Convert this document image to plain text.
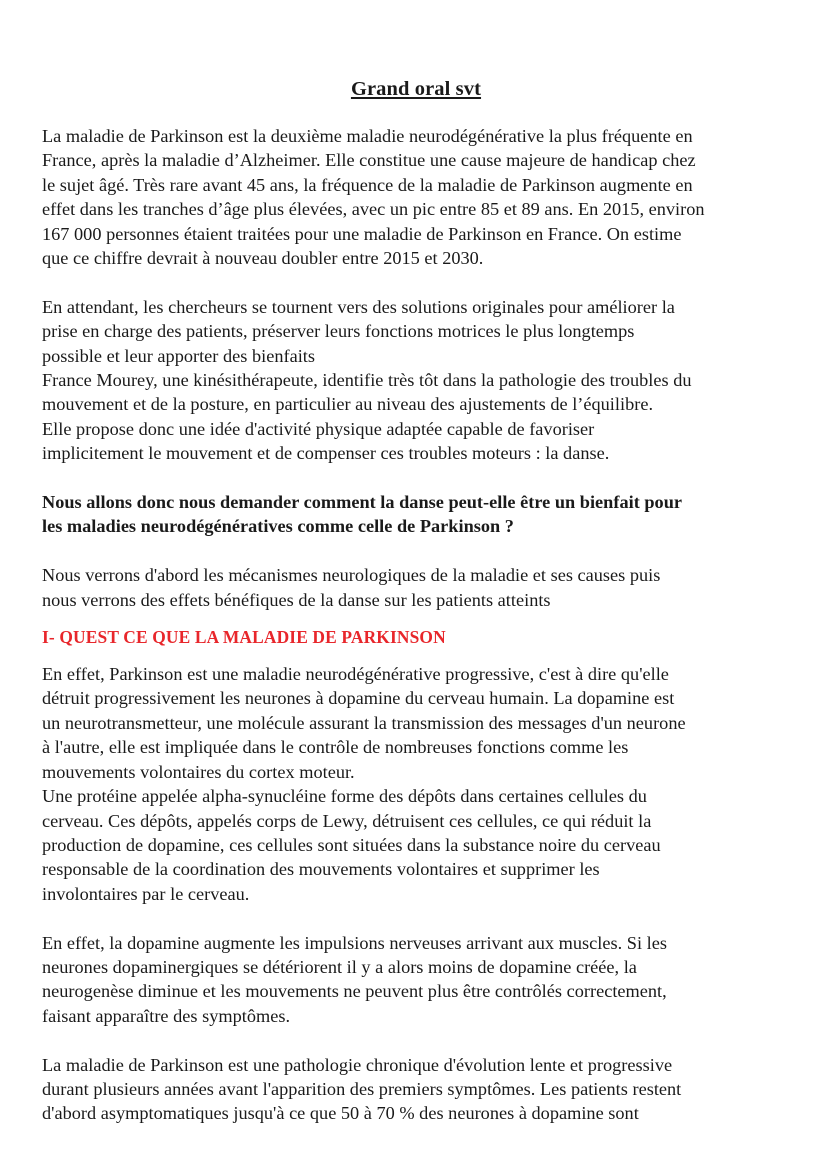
Grand oral svt

La maladie de Parkinson est la deuxième maladie neurodégénérative la plus fréquente en
France, après la maladie d’Alzheimer. Elle constitue une cause majeure de handicap chez
le sujet âgé. Très rare avant 45 ans, la fréquence de la maladie de Parkinson augmente en
effet dans les tranches d’âge plus élevées, avec un pic entre 85 et 89 ans. En 2015, environ
167 000 personnes étaient traitées pour une maladie de Parkinson en France. On estime
que ce chiffre devrait à nouveau doubler entre 2015 et 2030.

En attendant, les chercheurs se tournent vers des solutions originales pour améliorer la
prise en charge des patients, préserver leurs fonctions motrices le plus longtemps
possible et leur apporter des bienfaits
France Mourey, une kinésithérapeute, identifie très tôt dans la pathologie des troubles du
mouvement et de la posture, en particulier au niveau des ajustements de l’équilibre.
Elle propose donc une idée d'activité physique adaptée capable de favoriser
implicitement le mouvement et de compenser ces troubles moteurs : la danse.

Nous allons donc nous demander comment la danse peut-elle être un bienfait pour
les maladies neurodégénératives comme celle de Parkinson ?

Nous verrons d'abord les mécanismes neurologiques de la maladie et ses causes puis
nous verrons des effets bénéfiques de la danse sur les patients atteints

I- QUEST CE QUE LA MALADIE DE PARKINSON

En effet, Parkinson est une maladie neurodégénérative progressive, c'est à dire qu'elle
détruit progressivement les neurones à dopamine du cerveau humain. La dopamine est
un neurotransmetteur, une molécule assurant la transmission des messages d'un neurone
à l'autre, elle est impliquée dans le contrôle de nombreuses fonctions comme les
mouvements volontaires du cortex moteur.
Une protéine appelée alpha-synucléine forme des dépôts dans certaines cellules du
cerveau. Ces dépôts, appelés corps de Lewy, détruisent ces cellules, ce qui réduit la
production de dopamine, ces cellules sont situées dans la substance noire du cerveau
responsable de la coordination des mouvements volontaires et supprimer les
involontaires par le cerveau.

En effet, la dopamine augmente les impulsions nerveuses arrivant aux muscles. Si les
neurones dopaminergiques se détériorent il y a alors moins de dopamine créée, la
neurogenèse diminue et les mouvements ne peuvent plus être contrôlés correctement,
faisant apparaître des symptômes.

La maladie de Parkinson est une pathologie chronique d'évolution lente et progressive
durant plusieurs années avant l'apparition des premiers symptômes. Les patients restent
d'abord asymptomatiques jusqu'à ce que 50 à 70 % des neurones à dopamine sont
